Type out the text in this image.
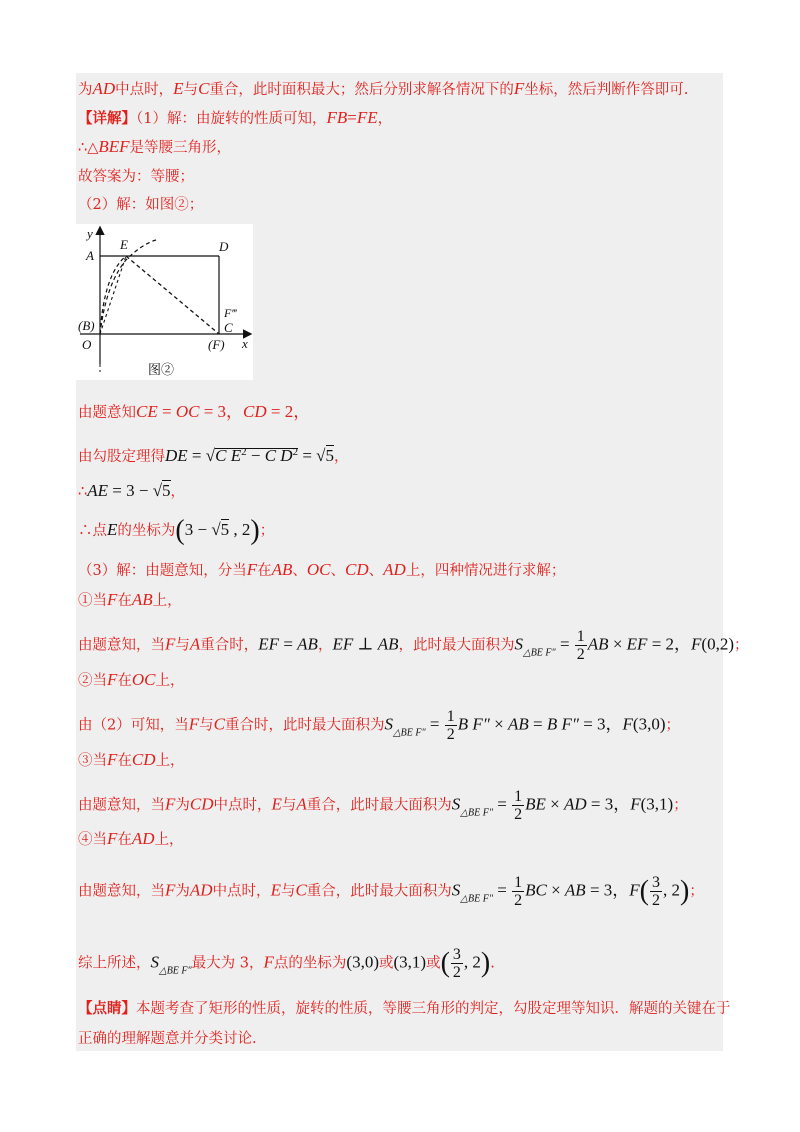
为AD中点时，E与C重合，此时面积最大；然后分别求解各情况下的F坐标，然后判断作答即可.
【详解】（1）解：由旋转的性质可知，FB=FE，
∴△BEF是等腰三角形，
故答案为：等腰；
（2）解：如图②；
y
x
A
E	D
F‴
C
(B)
O	(F)
图②
由题意知CE = OC = 3，CD = 2，
由勾股定理得DE = √C $E^2 - C$ $D^2 = √5$，
∴AE = 3 − √5，
∴点E的坐标为(3 − √5 , 2)；
（3）解：由题意知，分当F在AB、OC、CD、AD上，四种情况进行求解；
①当F在AB上，
由题意知，当F与A重合时，EF = AB，EF ⊥ AB，此时最大面积为$S_{\triangle BE F''} = \frac{1}{2}$ AB × EF = 2，F(0,2)；
②当F在OC上，
由（2）可知，当F与C重合时，此时最大面积为$S_{\triangle BE F''} = \frac{1}{2}$ B F″ × AB = B F″ = 3，F(3,0)；
③当F在CD上，
由题意知，当F为CD中点时，E与A重合，此时最大面积为$S_{\triangle BE F''} = \frac{1}{2}$ BE × AD = 3，F(3,1)；
④当F在AD上，
由题意知，当F为AD中点时，E与C重合，此时最大面积为$S_{\triangle BE F''} = \frac{1}{2}$ BC × AB = 3，$F( \frac{3}{2}$ , 2)；
综上所述，$S_{\triangle BE F''}$最大为 3，F点的坐标为(3,0)或(3,1)或( $\frac{3}{2}$ , 2).
【点睛】本题考查了矩形的性质，旋转的性质，等腰三角形的判定，勾股定理等知识．解题的关键在于
正确的理解题意并分类讨论.
